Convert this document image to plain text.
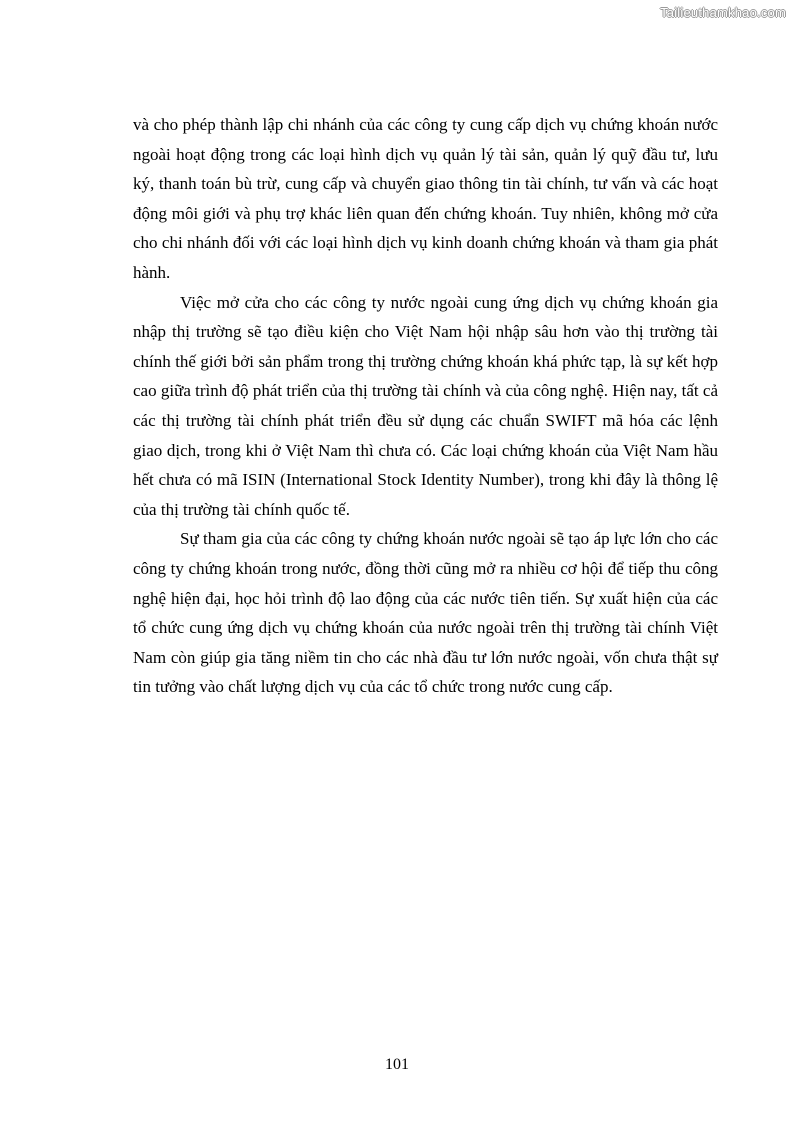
Tailieuthamkhao.com

và cho phép thành lập chi nhánh của các công ty cung cấp dịch vụ chứng khoán nước ngoài hoạt động trong các loại hình dịch vụ quản lý tài sản, quản lý quỹ đầu tư, lưu ký, thanh toán bù trừ, cung cấp và chuyển giao thông tin tài chính, tư vấn và các hoạt động môi giới và phụ trợ khác liên quan đến chứng khoán. Tuy nhiên, không mở cửa cho chi nhánh đối với các loại hình dịch vụ kinh doanh chứng khoán và tham gia phát hành.

Việc mở cửa cho các công ty nước ngoài cung ứng dịch vụ chứng khoán gia nhập thị trường sẽ tạo điều kiện cho Việt Nam hội nhập sâu hơn vào thị trường tài chính thế giới bởi sản phẩm trong thị trường chứng khoán khá phức tạp, là sự kết hợp cao giữa trình độ phát triển của thị trường tài chính và của công nghệ. Hiện nay, tất cả các thị trường tài chính phát triển đều sử dụng các chuẩn SWIFT mã hóa các lệnh giao dịch, trong khi ở Việt Nam thì chưa có. Các loại chứng khoán của Việt Nam hầu hết chưa có mã ISIN (International Stock Identity Number), trong khi đây là thông lệ của thị trường tài chính quốc tế.

Sự tham gia của các công ty chứng khoán nước ngoài sẽ tạo áp lực lớn cho các công ty chứng khoán trong nước, đồng thời cũng mở ra nhiều cơ hội để tiếp thu công nghệ hiện đại, học hỏi trình độ lao động của các nước tiên tiến. Sự xuất hiện của các tổ chức cung ứng dịch vụ chứng khoán của nước ngoài trên thị trường tài chính Việt Nam còn giúp gia tăng niềm tin cho các nhà đầu tư lớn nước ngoài, vốn chưa thật sự tin tưởng vào chất lượng dịch vụ của các tổ chức trong nước cung cấp.

101
